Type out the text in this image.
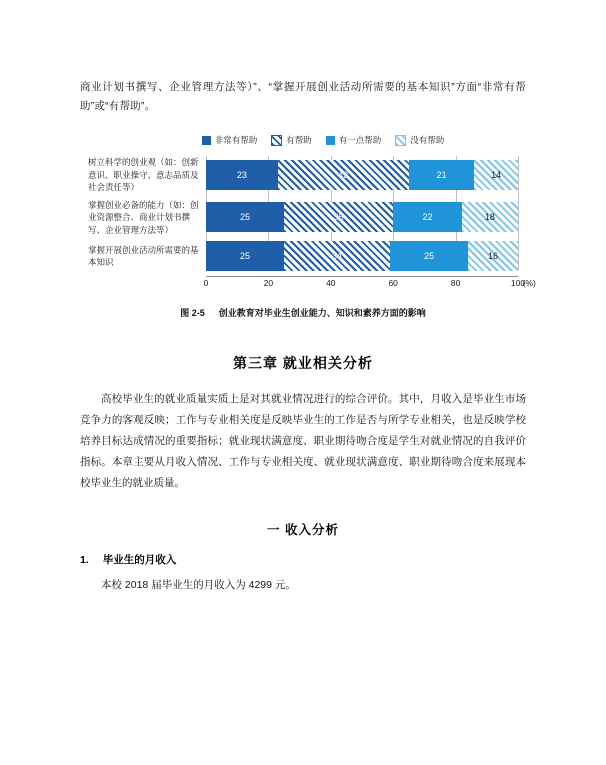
商业计划书撰写、企业管理方法等）”、“掌握开展创业活动所需要的基本知识”方面“非常有帮助”或“有帮助”。

非常有帮助	有帮助	有一点帮助	没有帮助
树立科学的创业观（如：创新意识、职业操守、意志品质及社会责任等）
23	42	21	14
掌握创业必备的能力（如：创业资源整合、商业计划书撰写、企业管理方法等）
25	35	22	18
掌握开展创业活动所需要的基本知识
25	34	25	16
0	20	40	60	80	100
(%)
图 2-5 创业教育对毕业生创业能力、知识和素养方面的影响
第三章 就业相关分析

高校毕业生的就业质量实质上是对其就业情况进行的综合评价。其中，月收入是毕业生市场竞争力的客观反映；工作与专业相关度是反映毕业生的工作是否与所学专业相关，也是反映学校培养目标达成情况的重要指标；就业现状满意度、职业期待吻合度是学生对就业情况的自我评价指标。本章主要从月收入情况、工作与专业相关度、就业现状满意度、职业期待吻合度来展现本校毕业生的就业质量。

一 收入分析
1. 毕业生的月收入

本校 2018 届毕业生的月收入为 4299 元。
